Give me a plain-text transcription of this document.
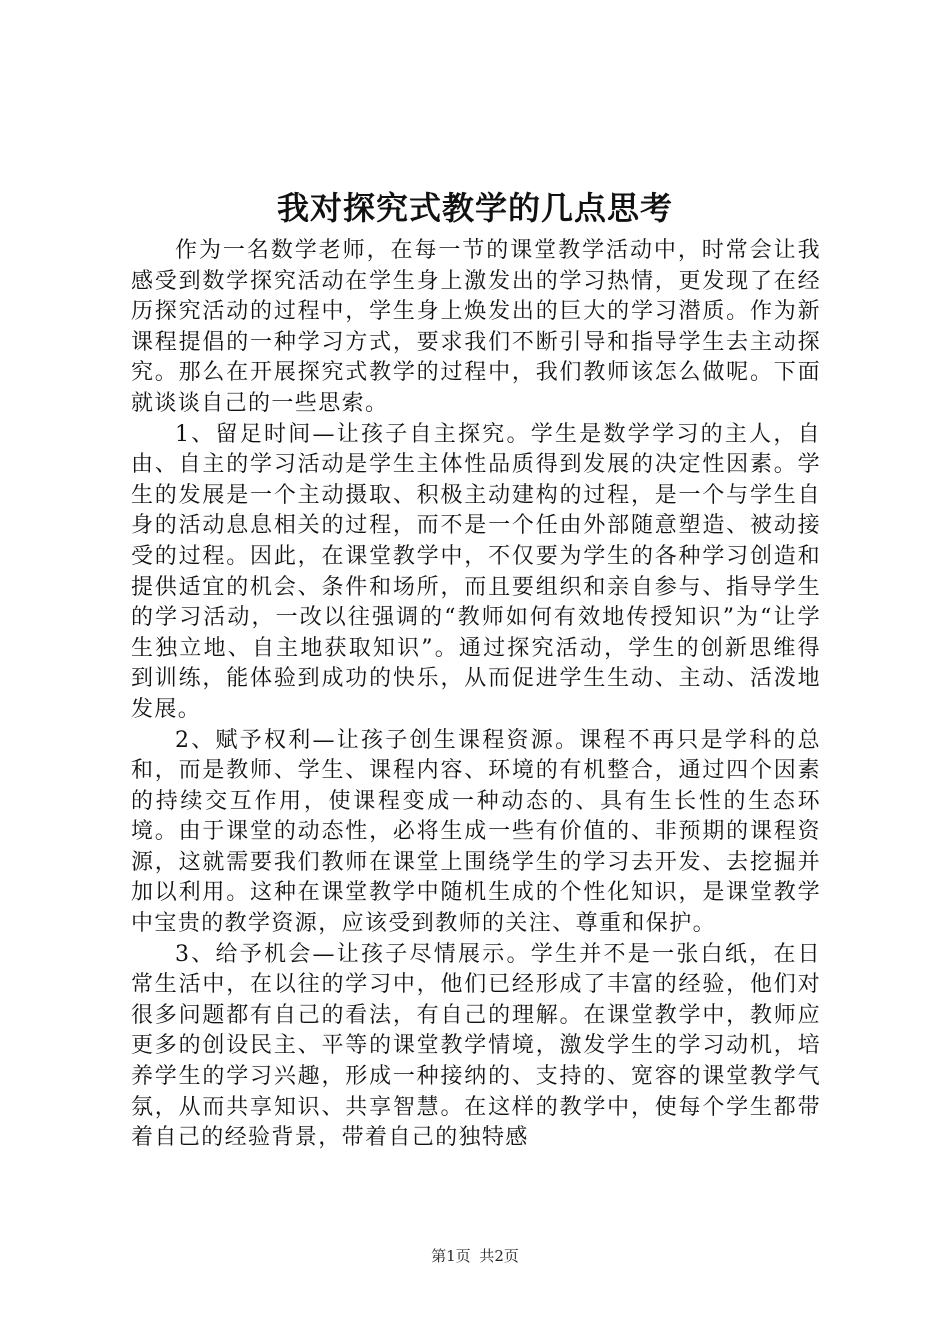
我对探究式教学的几点思考

作为一名数学老师，在每一节的课堂教学活动中，时常会让我感受到数学探究活动在学生身上激发出的学习热情，更发现了在经历探究活动的过程中，学生身上焕发出的巨大的学习潜质。作为新课程提倡的一种学习方式，要求我们不断引导和指导学生去主动探究。那么在开展探究式教学的过程中，我们教师该怎么做呢。下面就谈谈自己的一些思索。

1、留足时间—让孩子自主探究。学生是数学学习的主人，自由、自主的学习活动是学生主体性品质得到发展的决定性因素。学生的发展是一个主动摄取、积极主动建构的过程，是一个与学生自身的活动息息相关的过程，而不是一个任由外部随意塑造、被动接受的过程。因此，在课堂教学中，不仅要为学生的各种学习创造和提供适宜的机会、条件和场所，而且要组织和亲自参与、指导学生的学习活动，一改以往强调的“教师如何有效地传授知识”为“让学生独立地、自主地获取知识”。通过探究活动，学生的创新思维得到训练，能体验到成功的快乐，从而促进学生生动、主动、活泼地发展。

2、赋予权利—让孩子创生课程资源。课程不再只是学科的总和，而是教师、学生、课程内容、环境的有机整合，通过四个因素的持续交互作用，使课程变成一种动态的、具有生长性的生态环境。由于课堂的动态性，必将生成一些有价值的、非预期的课程资源，这就需要我们教师在课堂上围绕学生的学习去开发、去挖掘并加以利用。这种在课堂教学中随机生成的个性化知识，是课堂教学中宝贵的教学资源，应该受到教师的关注、尊重和保护。

3、给予机会—让孩子尽情展示。学生并不是一张白纸，在日常生活中，在以往的学习中，他们已经形成了丰富的经验，他们对很多问题都有自己的看法，有自己的理解。在课堂教学中，教师应更多的创设民主、平等的课堂教学情境，激发学生的学习动机，培养学生的学习兴趣，形成一种接纳的、支持的、宽容的课堂教学气氛，从而共享知识、共享智慧。在这样的教学中，使每个学生都带着自己的经验背景，带着自己的独特感

第1页 共2页
